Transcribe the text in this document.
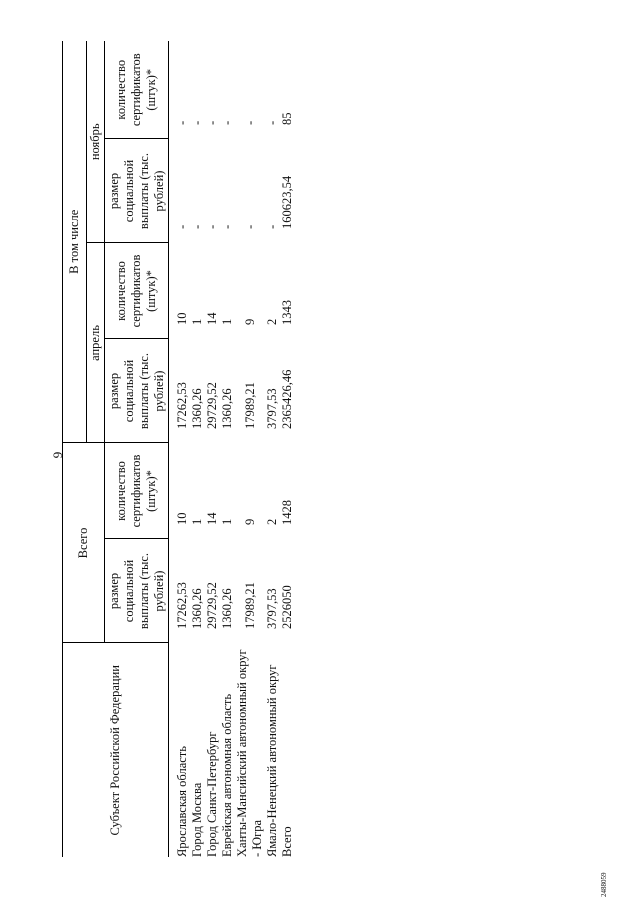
9
2488059
Субъект Российской Федерации	Всего		В том числе			
			апрель		ноябрь	
	размер социальной выплаты (тыс. рублей)	количество сертификатов (штук)*	размер социальной выплаты (тыс. рублей)	количество сертификатов (штук)*	размер социальной выплаты (тыс. рублей)	количество сертификатов (штук)*
Ярославская область	17262,53	10	17262,53	10	-	-
Город Москва	1360,26	1	1360,26	1	-	-
Город Санкт-Петербург	29729,52	14	29729,52	14	-	-
Еврейская автономная область	1360,26	1	1360,26	1	-	-
Ханты-Мансийский автономный округ - Югра	17989,21	9	17989,21	9	-	-
Ямало-Ненецкий автономный округ	3797,53	2	3797,53	2	-	-
Всего	2526050	1428	2365426,46	1343	160623,54	85
